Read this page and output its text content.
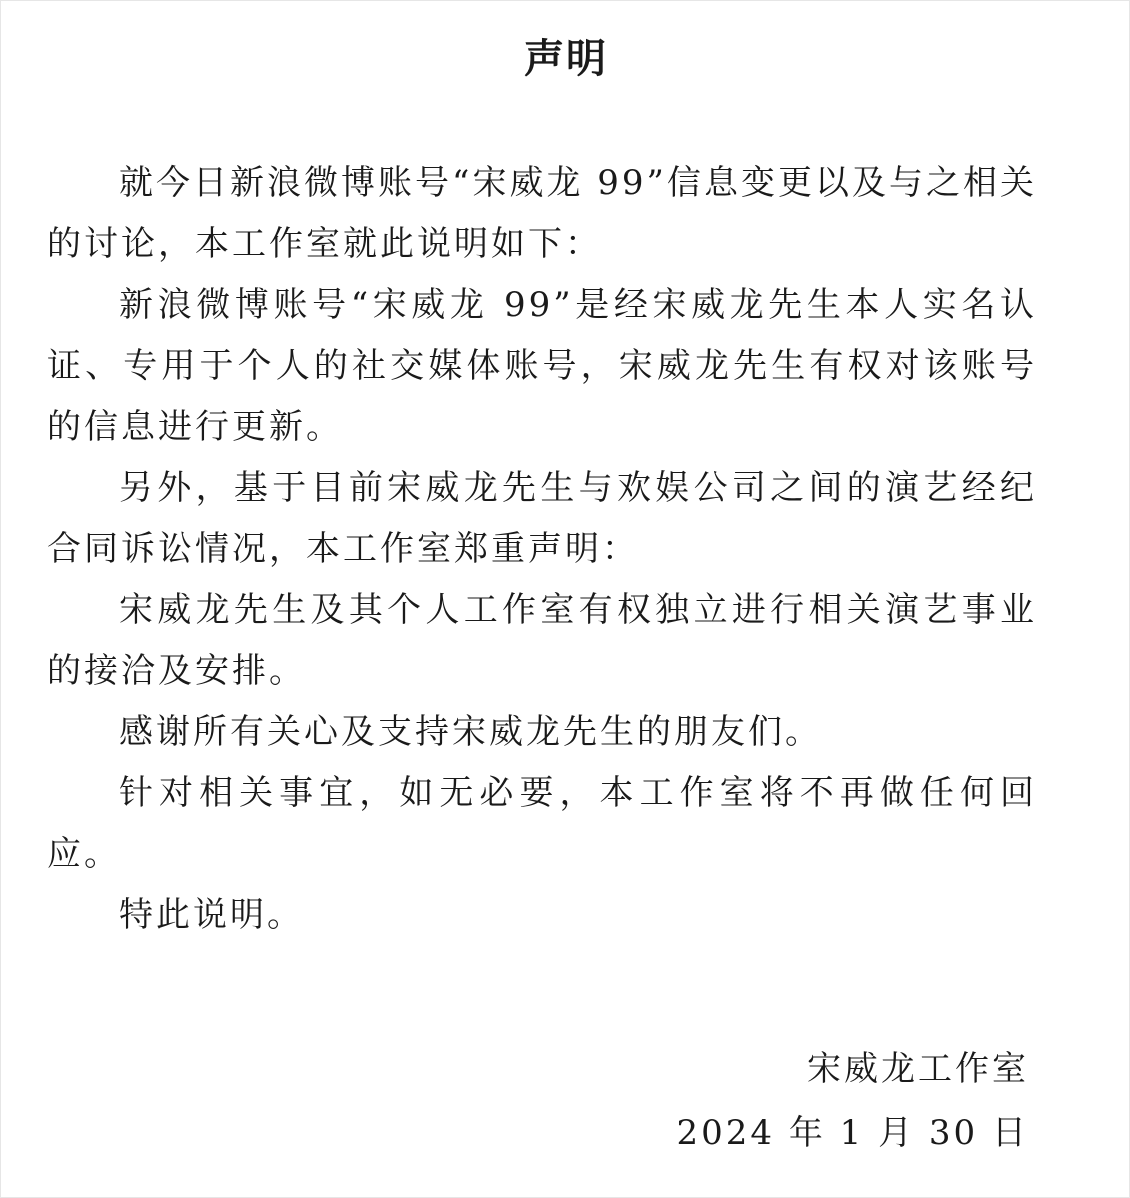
声明

就今日新浪微博账号“宋威龙 99”信息变更以及与之相关的讨论，本工作室就此说明如下：

新浪微博账号“宋威龙 99”是经宋威龙先生本人实名认证、专用于个人的社交媒体账号，宋威龙先生有权对该账号的信息进行更新。

另外，基于目前宋威龙先生与欢娱公司之间的演艺经纪合同诉讼情况，本工作室郑重声明：

宋威龙先生及其个人工作室有权独立进行相关演艺事业的接洽及安排。

感谢所有关心及支持宋威龙先生的朋友们。

针对相关事宜，如无必要，本工作室将不再做任何回应。

特此说明。

宋威龙工作室
2024 年 1 月 30 日
